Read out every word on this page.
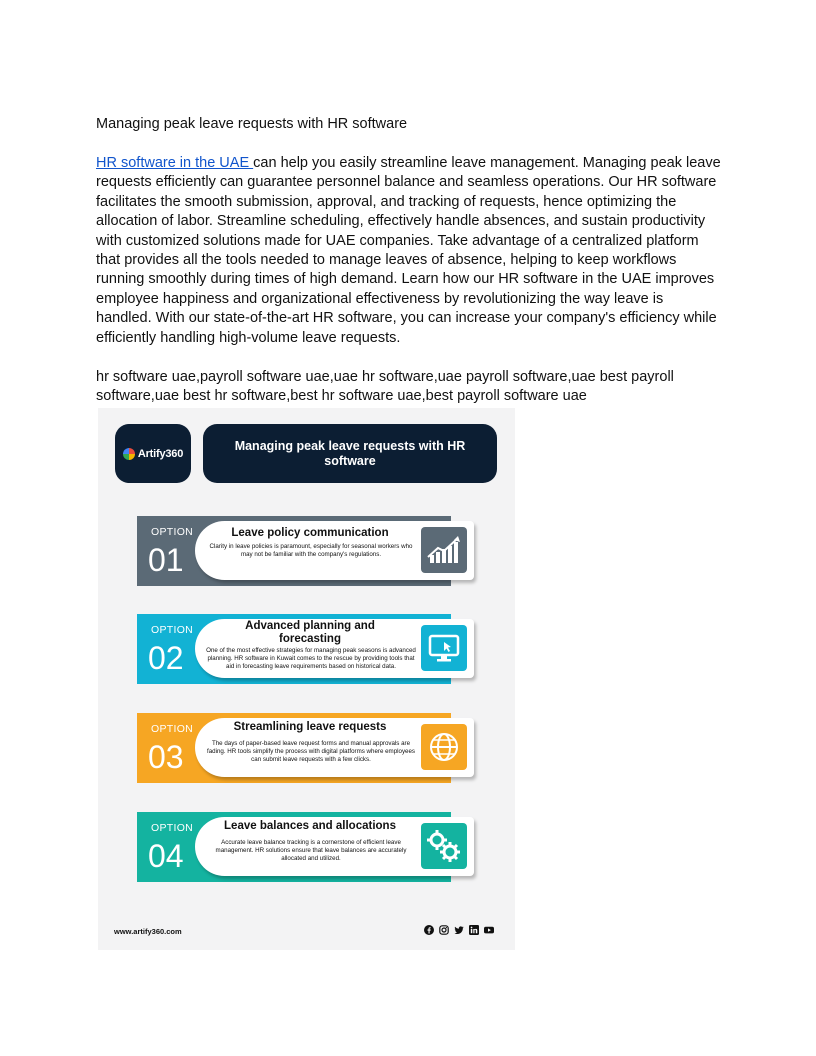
Managing peak leave requests with HR software
HR software in the UAE can help you easily streamline leave management. Managing peak leave requests efficiently can guarantee personnel balance and seamless operations. Our HR software facilitates the smooth submission, approval, and tracking of requests, hence optimizing the allocation of labor. Streamline scheduling, effectively handle absences, and sustain productivity with customized solutions made for UAE companies. Take advantage of a centralized platform that provides all the tools needed to manage leaves of absence, helping to keep workflows running smoothly during times of high demand. Learn how our HR software in the UAE improves employee happiness and organizational effectiveness by revolutionizing the way leave is handled. With our state-of-the-art HR software, you can increase your company's efficiency while efficiently handling high-volume leave requests.
hr software uae,payroll software uae,uae hr software,uae payroll software,uae best payroll software,uae best hr software,best hr software uae,best payroll software uae
Artify360
Managing peak leave requests with HR software
OPTION
01
Leave policy communication
Clarity in leave policies is paramount, especially for seasonal workers who may not be familiar with the company's regulations.
OPTION
02
Advanced planning and forecasting
One of the most effective strategies for managing peak seasons is advanced planning. HR software in Kuwait comes to the rescue by providing tools that aid in forecasting leave requirements based on historical data.
OPTION
03
Streamlining leave requests
The days of paper-based leave request forms and manual approvals are fading. HR tools simplify the process with digital platforms where employees can submit leave requests with a few clicks.
OPTION
04
Leave balances and allocations
Accurate leave balance tracking is a cornerstone of efficient leave management. HR solutions ensure that leave balances are accurately allocated and utilized.
www.artify360.com
